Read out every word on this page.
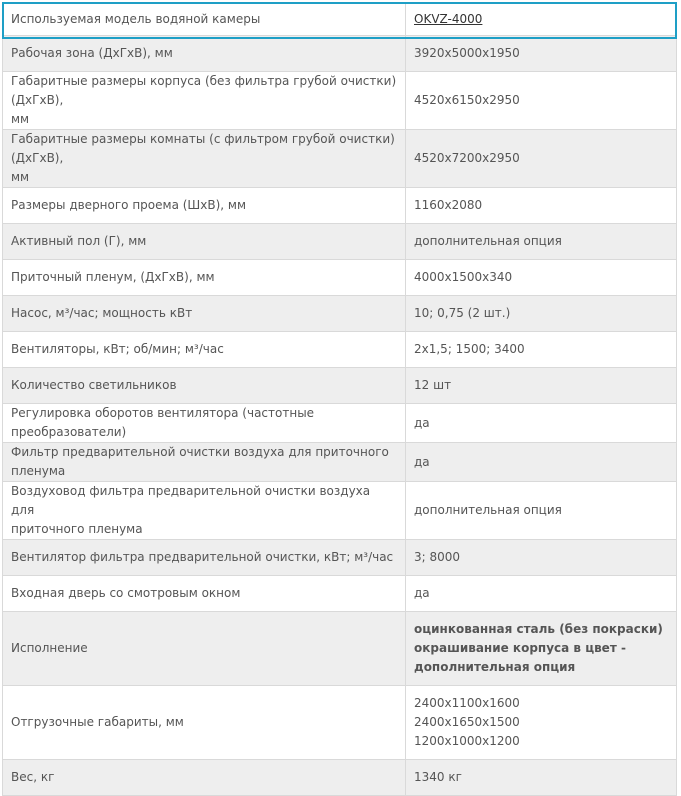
Используемая модель водяной камеры	OKVZ-4000
Рабочая зона (ДхГхВ), мм	3920x5000x1950

Габаритные размеры корпуса (без фильтра грубой очистки) (ДхГхВ),
мм	4520x6150x2950

Габаритные размеры комнаты (с фильтром грубой очистки) (ДхГхВ),
мм	4520x7200x2950
Размеры дверного проема (ШхВ), мм	1160x2080
Активный пол (Г), мм	дополнительная опция
Приточный пленум, (ДхГхВ), мм	4000x1500x340
Насос, м³/час; мощность кВт	10; 0,75 (2 шт.)
Вентиляторы, кВт; об/мин; м³/час	2x1,5; 1500; 3400
Количество светильников	12 шт
Регулировка оборотов вентилятора (частотные преобразователи)	да
Фильтр предварительной очистки воздуха для приточного пленума	да

Воздуховод фильтра предварительной очистки воздуха для
приточного пленума	дополнительная опция
Вентилятор фильтра предварительной очистки, кВт; м³/час	3; 8000
Входная дверь со смотровым окном	да
Исполнение	оцинкованная сталь (без покраски)
окрашивание корпуса в цвет -
дополнительная опция

Отгрузочные габариты, мм	2400x1100x1600
2400x1650x1500
1200x1000x1200

Вес, кг	1340 кг
